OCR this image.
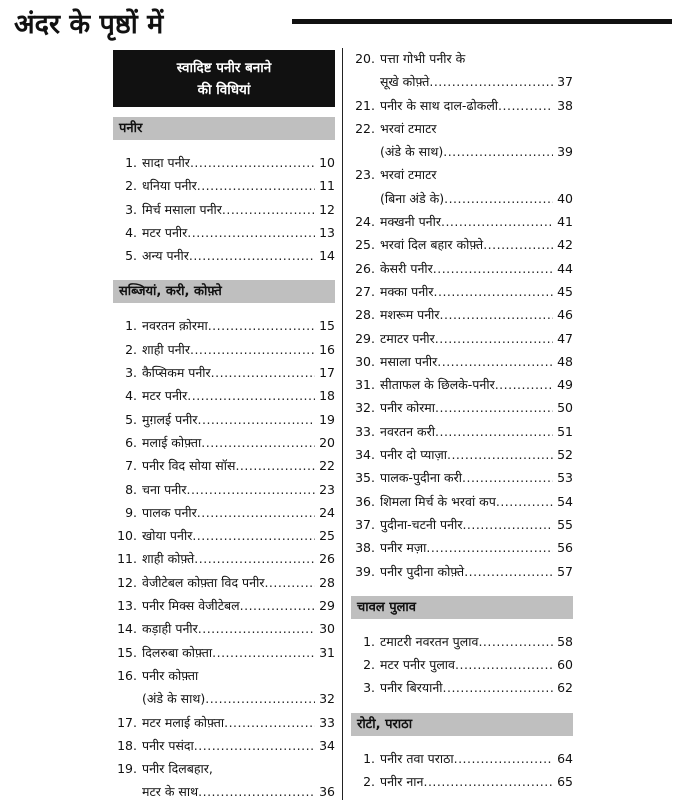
अंदर के पृष्ठों में
स्वादिष्ट पनीर बनाने
की विधियां
पनीर
1. सादा पनीर .....	10
2. धनिया पनीर .....	11
3. मिर्च मसाला पनीर .....	12
4. मटर पनीर .....	13
5. अन्य पनीर .....	14
सब्जियां, करी, कोफ़्ते
1. नवरतन क़ोरमा .....	15
2. शाही पनीर .....	16
3. कैप्सिकम पनीर .....	17
4. मटर पनीर .....	18
5. मुग़लई पनीर .....	19
6. मलाई कोफ़्ता .....	20
7. पनीर विद सोया सॉस .....	22
8. चना पनीर .....	23
9. पालक पनीर .....	24
10. खोया पनीर .....	25
11. शाही कोफ़्ते .....	26
12. वेजीटेबल कोफ़्ता विद पनीर .....	28
13. पनीर मिक्स वेजीटेबल .....	29
14. कड़ाही पनीर .....	30
15. दिलरुबा कोफ़्ता .....	31
16. पनीर कोफ़्ता
(अंडे के साथ) .....	32
17. मटर मलाई कोफ़्ता .....	33
18. पनीर पसंदा .....	34
19. पनीर दिलबहार,
मटर के साथ .....	36
20. पत्ता गोभी पनीर के
सूखे कोफ़्ते .....	37
21. पनीर के साथ दाल-ढोकली .....	38
22. भरवां टमाटर
(अंडे के साथ) .....	39
23. भरवां टमाटर
(बिना अंडे के) .....	40
24. मक्खनी पनीर .....	41
25. भरवां दिल बहार कोफ़्ते .....	42
26. केसरी पनीर .....	44
27. मक्का पनीर .....	45
28. मशरूम पनीर .....	46
29. टमाटर पनीर .....	47
30. मसाला पनीर .....	48
31. सीताफल के छिलके-पनीर .....	49
32. पनीर कोरमा .....	50
33. नवरतन करी .....	51
34. पनीर दो प्याज़ा .....	52
35. पालक-पुदीना करी .....	53
36. शिमला मिर्च के भरवां कप .....	54
37. पुदीना-चटनी पनीर .....	55
38. पनीर मज़ा .....	56
39. पनीर पुदीना कोफ़्ते .....	57
चावल पुलाव
1. टमाटरी नवरतन पुलाव .....	58
2. मटर पनीर पुलाव .....	60
3. पनीर बिरयानी .....	62
रोटी, पराठा
1. पनीर तवा पराठा .....	64
2. पनीर नान .....	65
